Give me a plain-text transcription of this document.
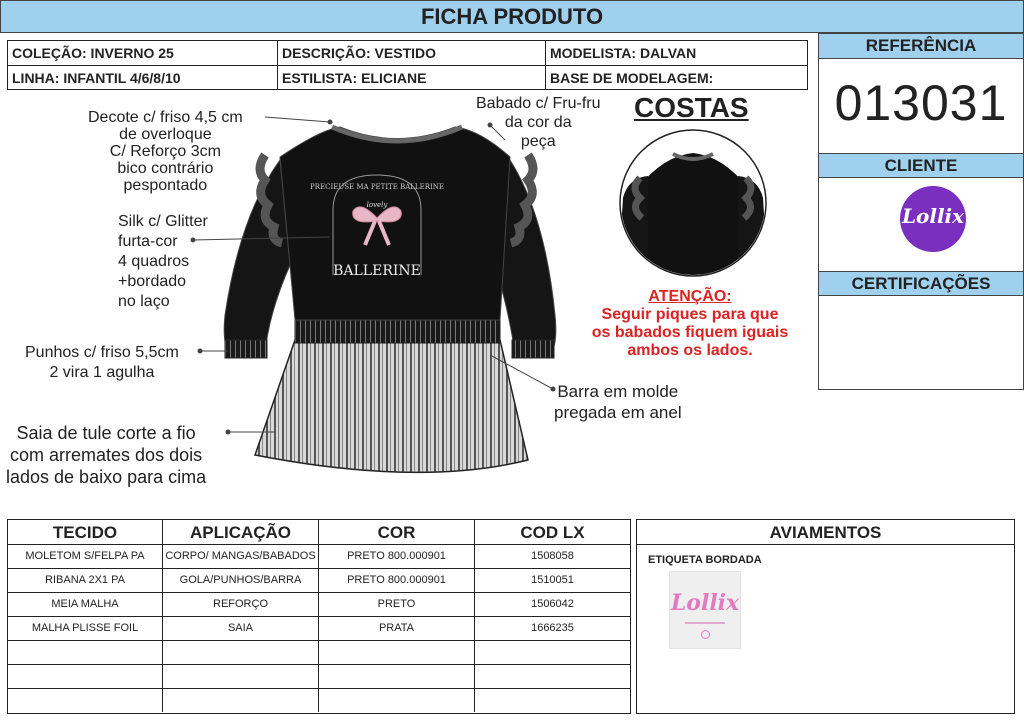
FICHA PRODUTO
COLEÇÃO: INVERNO 25	DESCRIÇÃO: VESTIDO	MODELISTA: DALVAN
LINHA: INFANTIL 4/6/8/10	ESTILISTA: ELICIANE	BASE DE MODELAGEM:
REFERÊNCIA
013031
CLIENTE
Lollix
CERTIFICAÇÕES
PRECIEUSE MA PETITE BALLERINE
lovely
BALLERINE
COSTAS
Decote c/ friso 4,5 cm
de overloque
C/ Reforço 3cm
bico contrário
pespontado
Silk c/ Glitter
furta-cor
4 quadros
+bordado
no laço
Punhos c/ friso 5,5cm
2 vira 1 agulha
Saia de tule corte a fio
com arremates dos dois
lados de baixo para cima
Babado c/ Fru-fru
da cor da
peça
Barra em molde
pregada em anel
ATENÇÃO:
Seguir piques para que
os babados fiquem iguais
ambos os lados.
TECIDO	APLICAÇÃO	COR	COD LX
MOLETOM S/FELPA PA	CORPO/ MANGAS/BABADOS	PRETO 800.000901	1508058
RIBANA 2X1 PA	GOLA/PUNHOS/BARRA	PRETO 800.000901	1510051
MEIA MALHA	REFORÇO	PRETO	1506042
MALHA PLISSE FOIL	SAIA	PRATA	1666235
AVIAMENTOS
ETIQUETA BORDADA
Lollix
